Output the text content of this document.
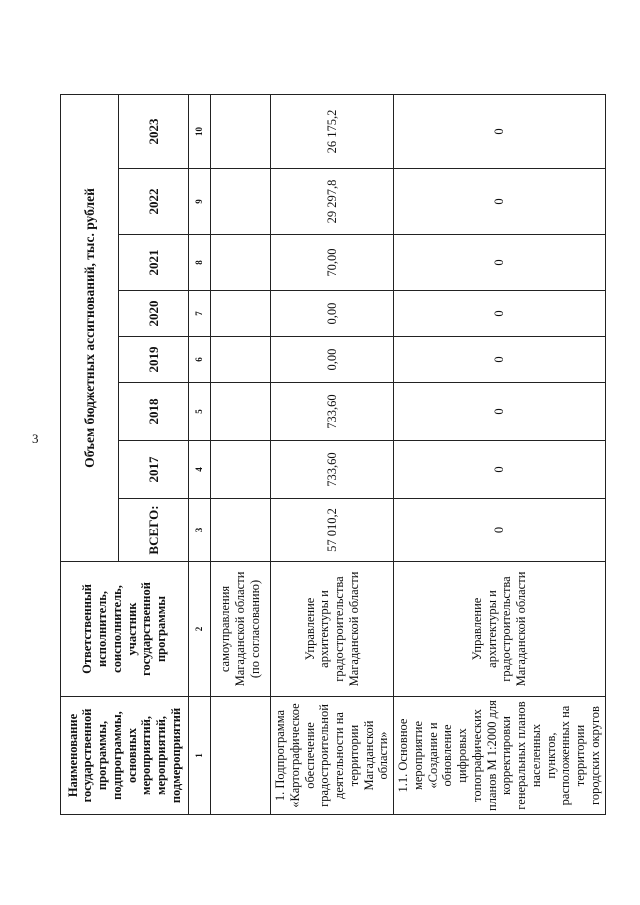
3
Наименование государственной программы, подпрограммы, основных мероприятий, мероприятий, подмероприятий	Ответственный исполнитель, соисполнитель, участник государственной программы	Объем бюджетных ассигнований, тыс. рублей							
		ВСЕГО:	2017	2018	2019	2020	2021	2022	2023
1	2	3	4	5	6	7	8	9	10
	самоуправления Магаданской области (по согласованию)								
1. Подпрограмма «Картографическое обеспечение градостроительной деятельности на территории Магаданской области»	Управление архитектуры и градостроительства Магаданской области	57 010,2	733,60	733,60	0,00	0,00	70,00	29 297,8	26 175,2
1.1. Основное мероприятие «Создание и обновление цифровых топографических планов М 1:2000 для корректировки генеральных планов населенных пунктов, расположенных на территории городских округов	Управление архитектуры и градостроительства Магаданской области	0	0	0	0	0	0	0	0
